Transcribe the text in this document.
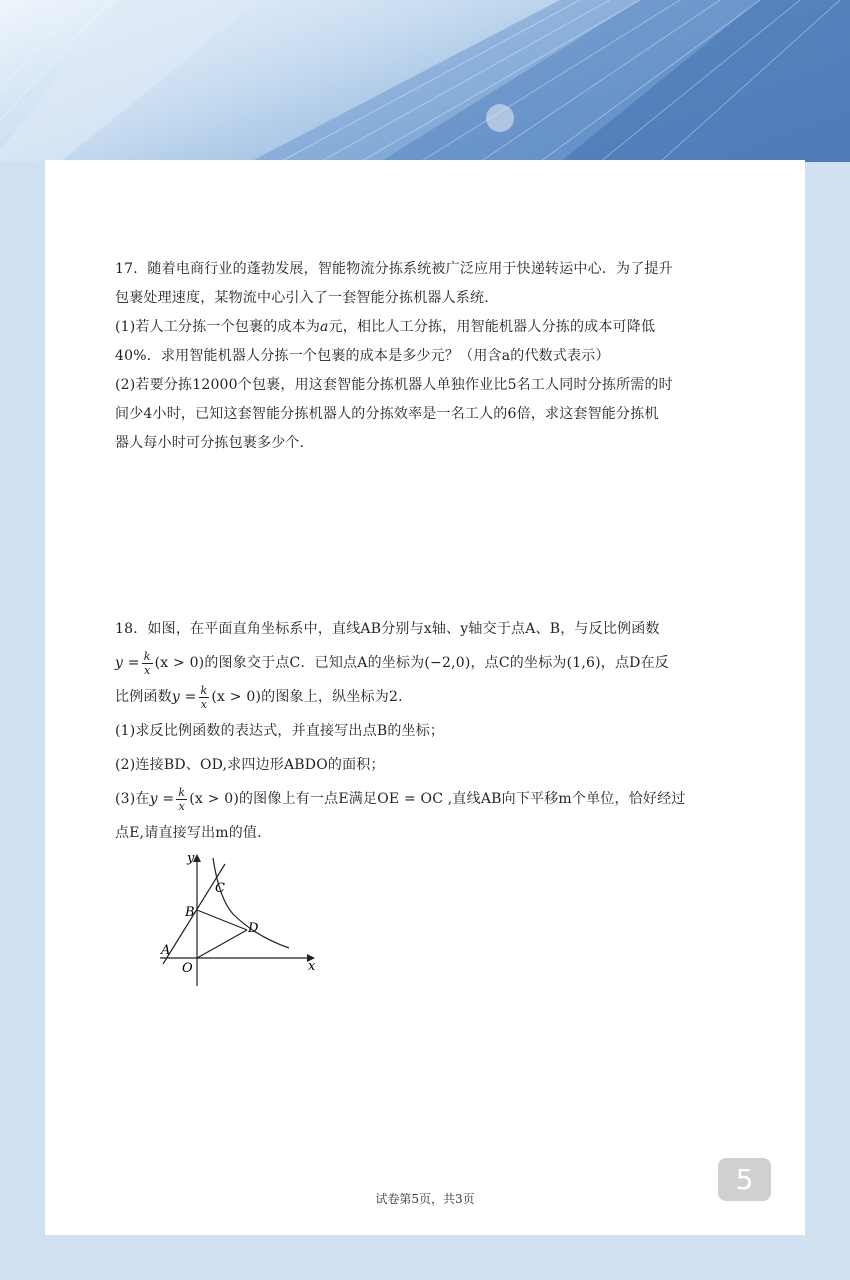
17．随着电商行业的蓬勃发展，智能物流分拣系统被广泛应用于快递转运中心．为了提升

包裹处理速度，某物流中心引入了一套智能分拣机器人系统.

(1)若人工分拣一个包裹的成本为a元，相比人工分拣，用智能机器人分拣的成本可降低

40%．求用智能机器人分拣一个包裹的成本是多少元？（用含a的代数式表示）

(2)若要分拣12000个包裹，用这套智能分拣机器人单独作业比5名工人同时分拣所需的时

间少4小时，已知这套智能分拣机器人的分拣效率是一名工人的6倍，求这套智能分拣机

器人每小时可分拣包裹多少个.

18．如图，在平面直角坐标系中，直线AB分别与x轴、y轴交于点A、B，与反比例函数

$y = \frac{k}{x} (x > 0)$的图象交于点C．已知点A的坐标为(−2,0)，点C的坐标为(1,6)，点D在反

比例函数$y = \frac{k}{x} (x > 0)$的图象上，纵坐标为2.

(1)求反比例函数的表达式，并直接写出点B的坐标；

(2)连接BD、OD,求四边形ABDO的面积；

(3)在$y = \frac{k}{x} (x > 0)$的图像上有一点E满足OE = OC ,直线AB向下平移m个单位，恰好经过

点E,请直接写出m的值.

x
y
O
A
B
C
D
5
试卷第5页，共3页
